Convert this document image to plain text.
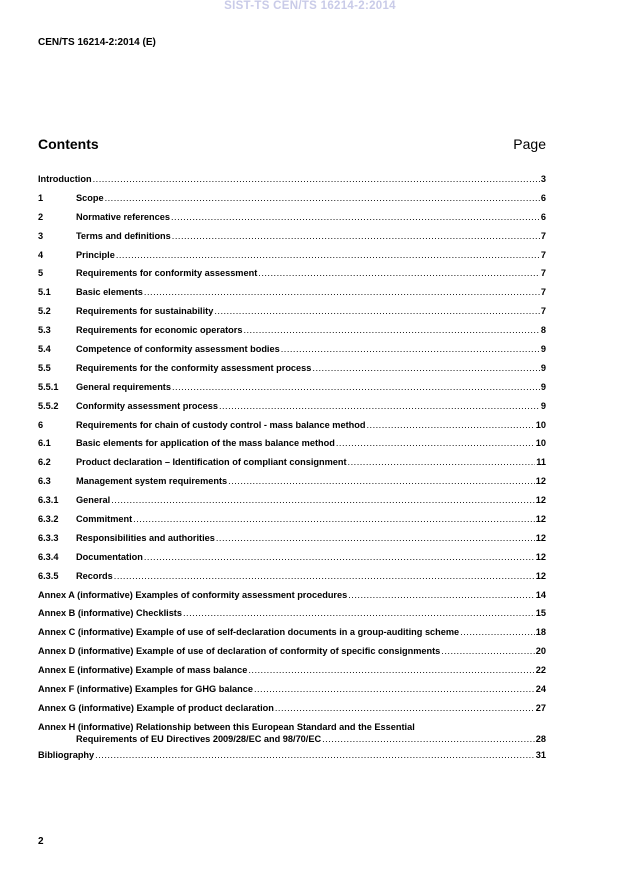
SIST-TS CEN/TS 16214-2:2014
CEN/TS 16214-2:2014 (E)
Contents	Page
Introduction .....	3
1	Scope .....	6
2	Normative references .....	6
3	Terms and definitions .....	7
4	Principle .....	7
5	Requirements for conformity assessment .....	7
5.1	Basic elements .....	7
5.2	Requirements for sustainability .....	7
5.3	Requirements for economic operators .....	8
5.4	Competence of conformity assessment bodies .....	9
5.5	Requirements for the conformity assessment process .....	9
5.5.1	General requirements .....	9
5.5.2	Conformity assessment process .....	9
6	Requirements for chain of custody control - mass balance method .....	10
6.1	Basic elements for application of the mass balance method .....	10
6.2	Product declaration – Identification of compliant consignment .....	11
6.3	Management system requirements .....	12
6.3.1	General .....	12
6.3.2	Commitment .....	12
6.3.3	Responsibilities and authorities .....	12
6.3.4	Documentation .....	12
6.3.5	Records .....	12
Annex A (informative) Examples of conformity assessment procedures .....	14
Annex B (informative) Checklists .....	15
Annex C (informative) Example of use of self-declaration documents in a group-auditing scheme .....	18
Annex D (informative) Example of use of declaration of conformity of specific consignments .....	20
Annex E (informative) Example of mass balance .....	22
Annex F (informative) Examples for GHG balance .....	24
Annex G (informative) Example of product declaration .....	27
Annex H (informative) Relationship between this European Standard and the Essential
Requirements of EU Directives 2009/28/EC and 98/70/EC .....	28
Bibliography .....	31
2
